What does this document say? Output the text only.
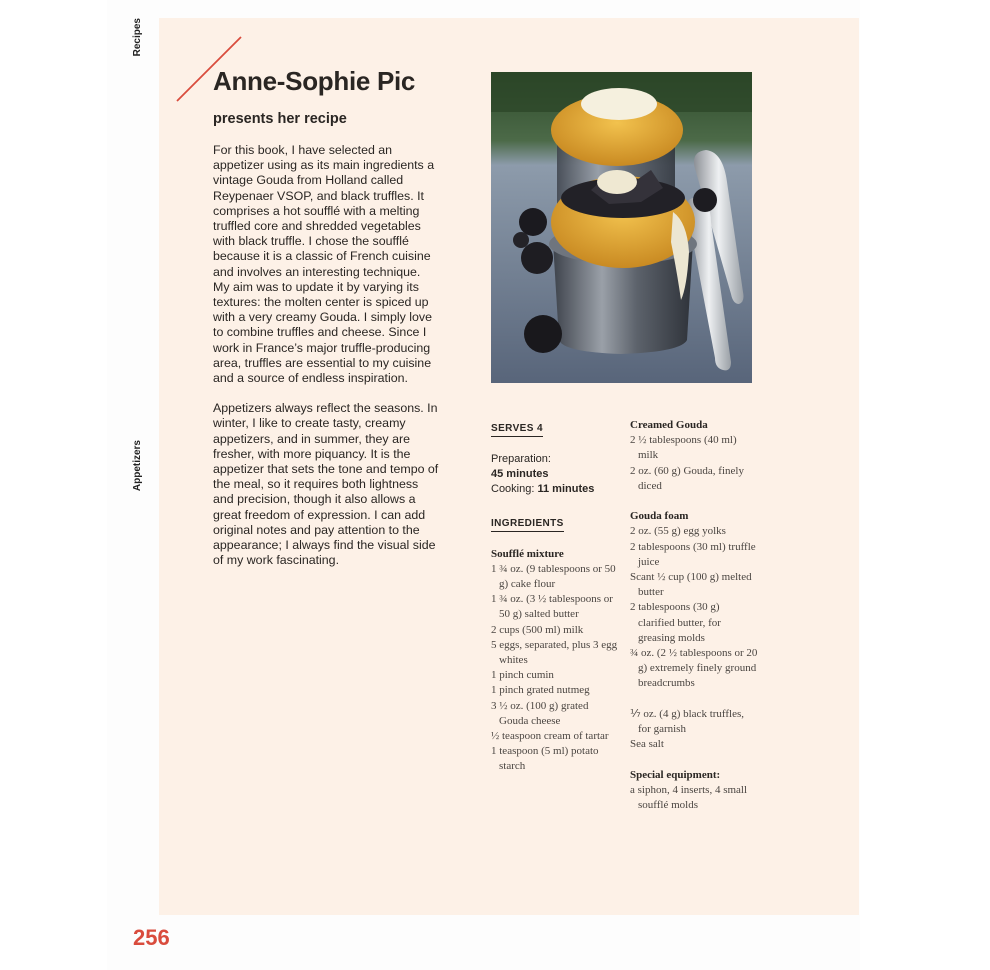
Recipes
Appetizers
Anne-Sophie Pic
presents her recipe

For this book, I have selected an appetizer using as its main ingredients a vintage Gouda from Holland called Reypenaer VSOP, and black truffles. It comprises a hot soufflé with a melting truffled core and shredded vegetables with black truffle. I chose the soufflé because it is a classic of French cuisine and involves an interesting technique. My aim was to update it by varying its textures: the molten center is spiced up with a very creamy Gouda. I simply love to combine truffles and cheese. Since I work in France’s major truffle-producing area, truffles are essential to my cuisine and a source of endless inspiration.

Appetizers always reflect the seasons. In winter, I like to create tasty, creamy appetizers, and in summer, they are fresher, with more piquancy. It is the appetizer that sets the tone and tempo of the meal, so it requires both lightness and precision, though it also allows a great freedom of expression. I can add original notes and pay attention to the appearance; I always find the visual side of my work fascinating.

SERVES 4
Preparation:
45 minutes
Cooking: 11 minutes
INGREDIENTS
Soufflé mixture
1 ¾ oz. (9 tablespoons or 50 g) cake flour
1 ¾ oz. (3 ½ tablespoons or 50 g) salted butter
2 cups (500 ml) milk
5 eggs, separated, plus 3 egg whites
1 pinch cumin
1 pinch grated nutmeg
3 ½ oz. (100 g) grated Gouda cheese
½ teaspoon cream of tartar
1 teaspoon (5 ml) potato starch
Creamed Gouda
2 ½ tablespoons (40 ml) milk
2 oz. (60 g) Gouda, finely diced
Gouda foam
2 oz. (55 g) egg yolks
2 tablespoons (30 ml) truffle juice
Scant ½ cup (100 g) melted butter
2 tablespoons (30 g) clarified butter, for greasing molds
¾ oz. (2 ½ tablespoons or 20 g) extremely finely ground breadcrumbs
⅐ oz. (4 g) black truffles, for garnish
Sea salt
Special equipment:
a siphon, 4 inserts, 4 small soufflé molds
256
